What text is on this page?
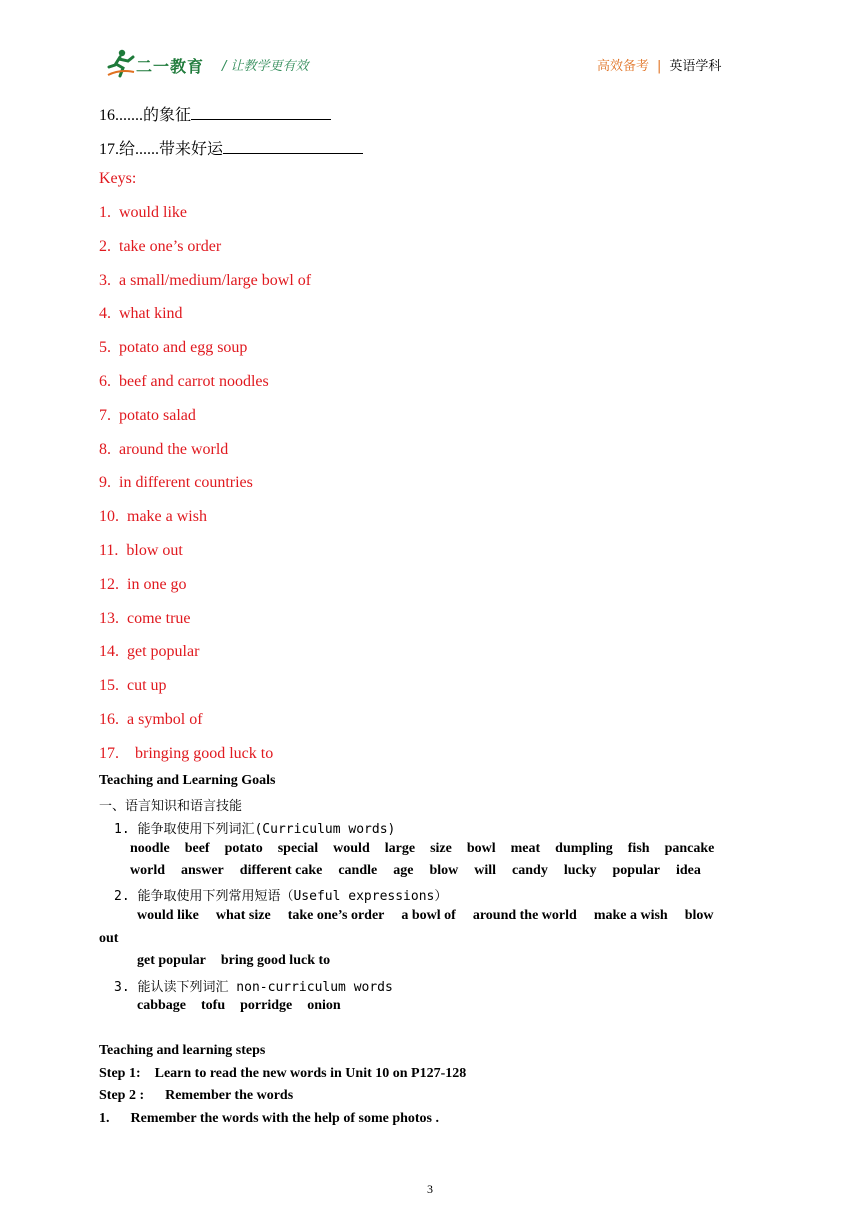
二一教育 / 让教学更有效	高效备考 | 英语学科
16.......的象征
17.给......带来好运
Keys:
1.  would like
2.  take one’s order
3.  a small/medium/large bowl of
4.  what kind
5.  potato and egg soup
6.  beef and carrot noodles
7.  potato salad
8.  around the world
9.  in different countries
10.  make a wish
11.  blow out
12.  in one go
13.  come true
14.  get popular
15.  cut up
16.  a symbol of
17.    bringing good luck to
Teaching and Learning Goals
一、语言知识和语言技能
1. 能争取使用下列词汇(Curriculum words)
noodle beef potato special would large size bowl meat dumpling fish pancake
world answer different cake candle age blow will candy lucky popular idea
2. 能争取使用下列常用短语（Useful expressions）
would like what size take one’s order a bowl of around the world make a wish blow
out
get popular bring good luck to
3. 能认读下列词汇 non-curriculum words
cabbage tofu porridge onion
Teaching and learning steps
Step 1:    Learn to read the new words in Unit 10 on P127-128
Step 2 :      Remember the words
1.      Remember the words with the help of some photos .
3
